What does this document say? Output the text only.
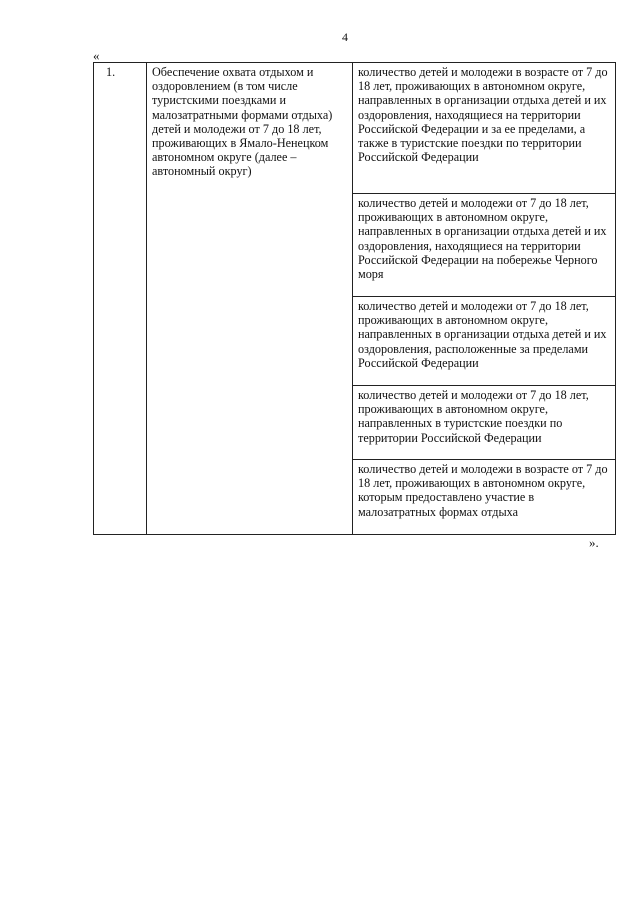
4
«
1.	Обеспечение охвата отдыхом и оздоровлением (в том числе туристскими поездками и малозатратными формами отдыха) детей и молодежи от 7 до 18 лет, проживающих в Ямало-Ненецком автономном округе (далее – автономный округ)	количество детей и молодежи в возрасте от 7 до 18 лет, проживающих в автономном округе, направленных в организации отдыха детей и их оздоровления, находящиеся на территории Российской Федерации и за ее пределами, а также в туристские поездки по территории Российской Федерации
количество детей и молодежи от 7 до 18 лет, проживающих в автономном округе, направленных в организации отдыха детей и их оздоровления, находящиеся на территории Российской Федерации на побережье Черного моря
количество детей и молодежи от 7 до 18 лет, проживающих в автономном округе, направленных в организации отдыха детей и их оздоровления, расположенные за пределами Российской Федерации
количество детей и молодежи от 7 до 18 лет, проживающих в автономном округе, направленных в туристские поездки по территории Российской Федерации
количество детей и молодежи в возрасте от 7 до 18 лет, проживающих в автономном округе, которым предоставлено участие в малозатратных формах отдыха
».
